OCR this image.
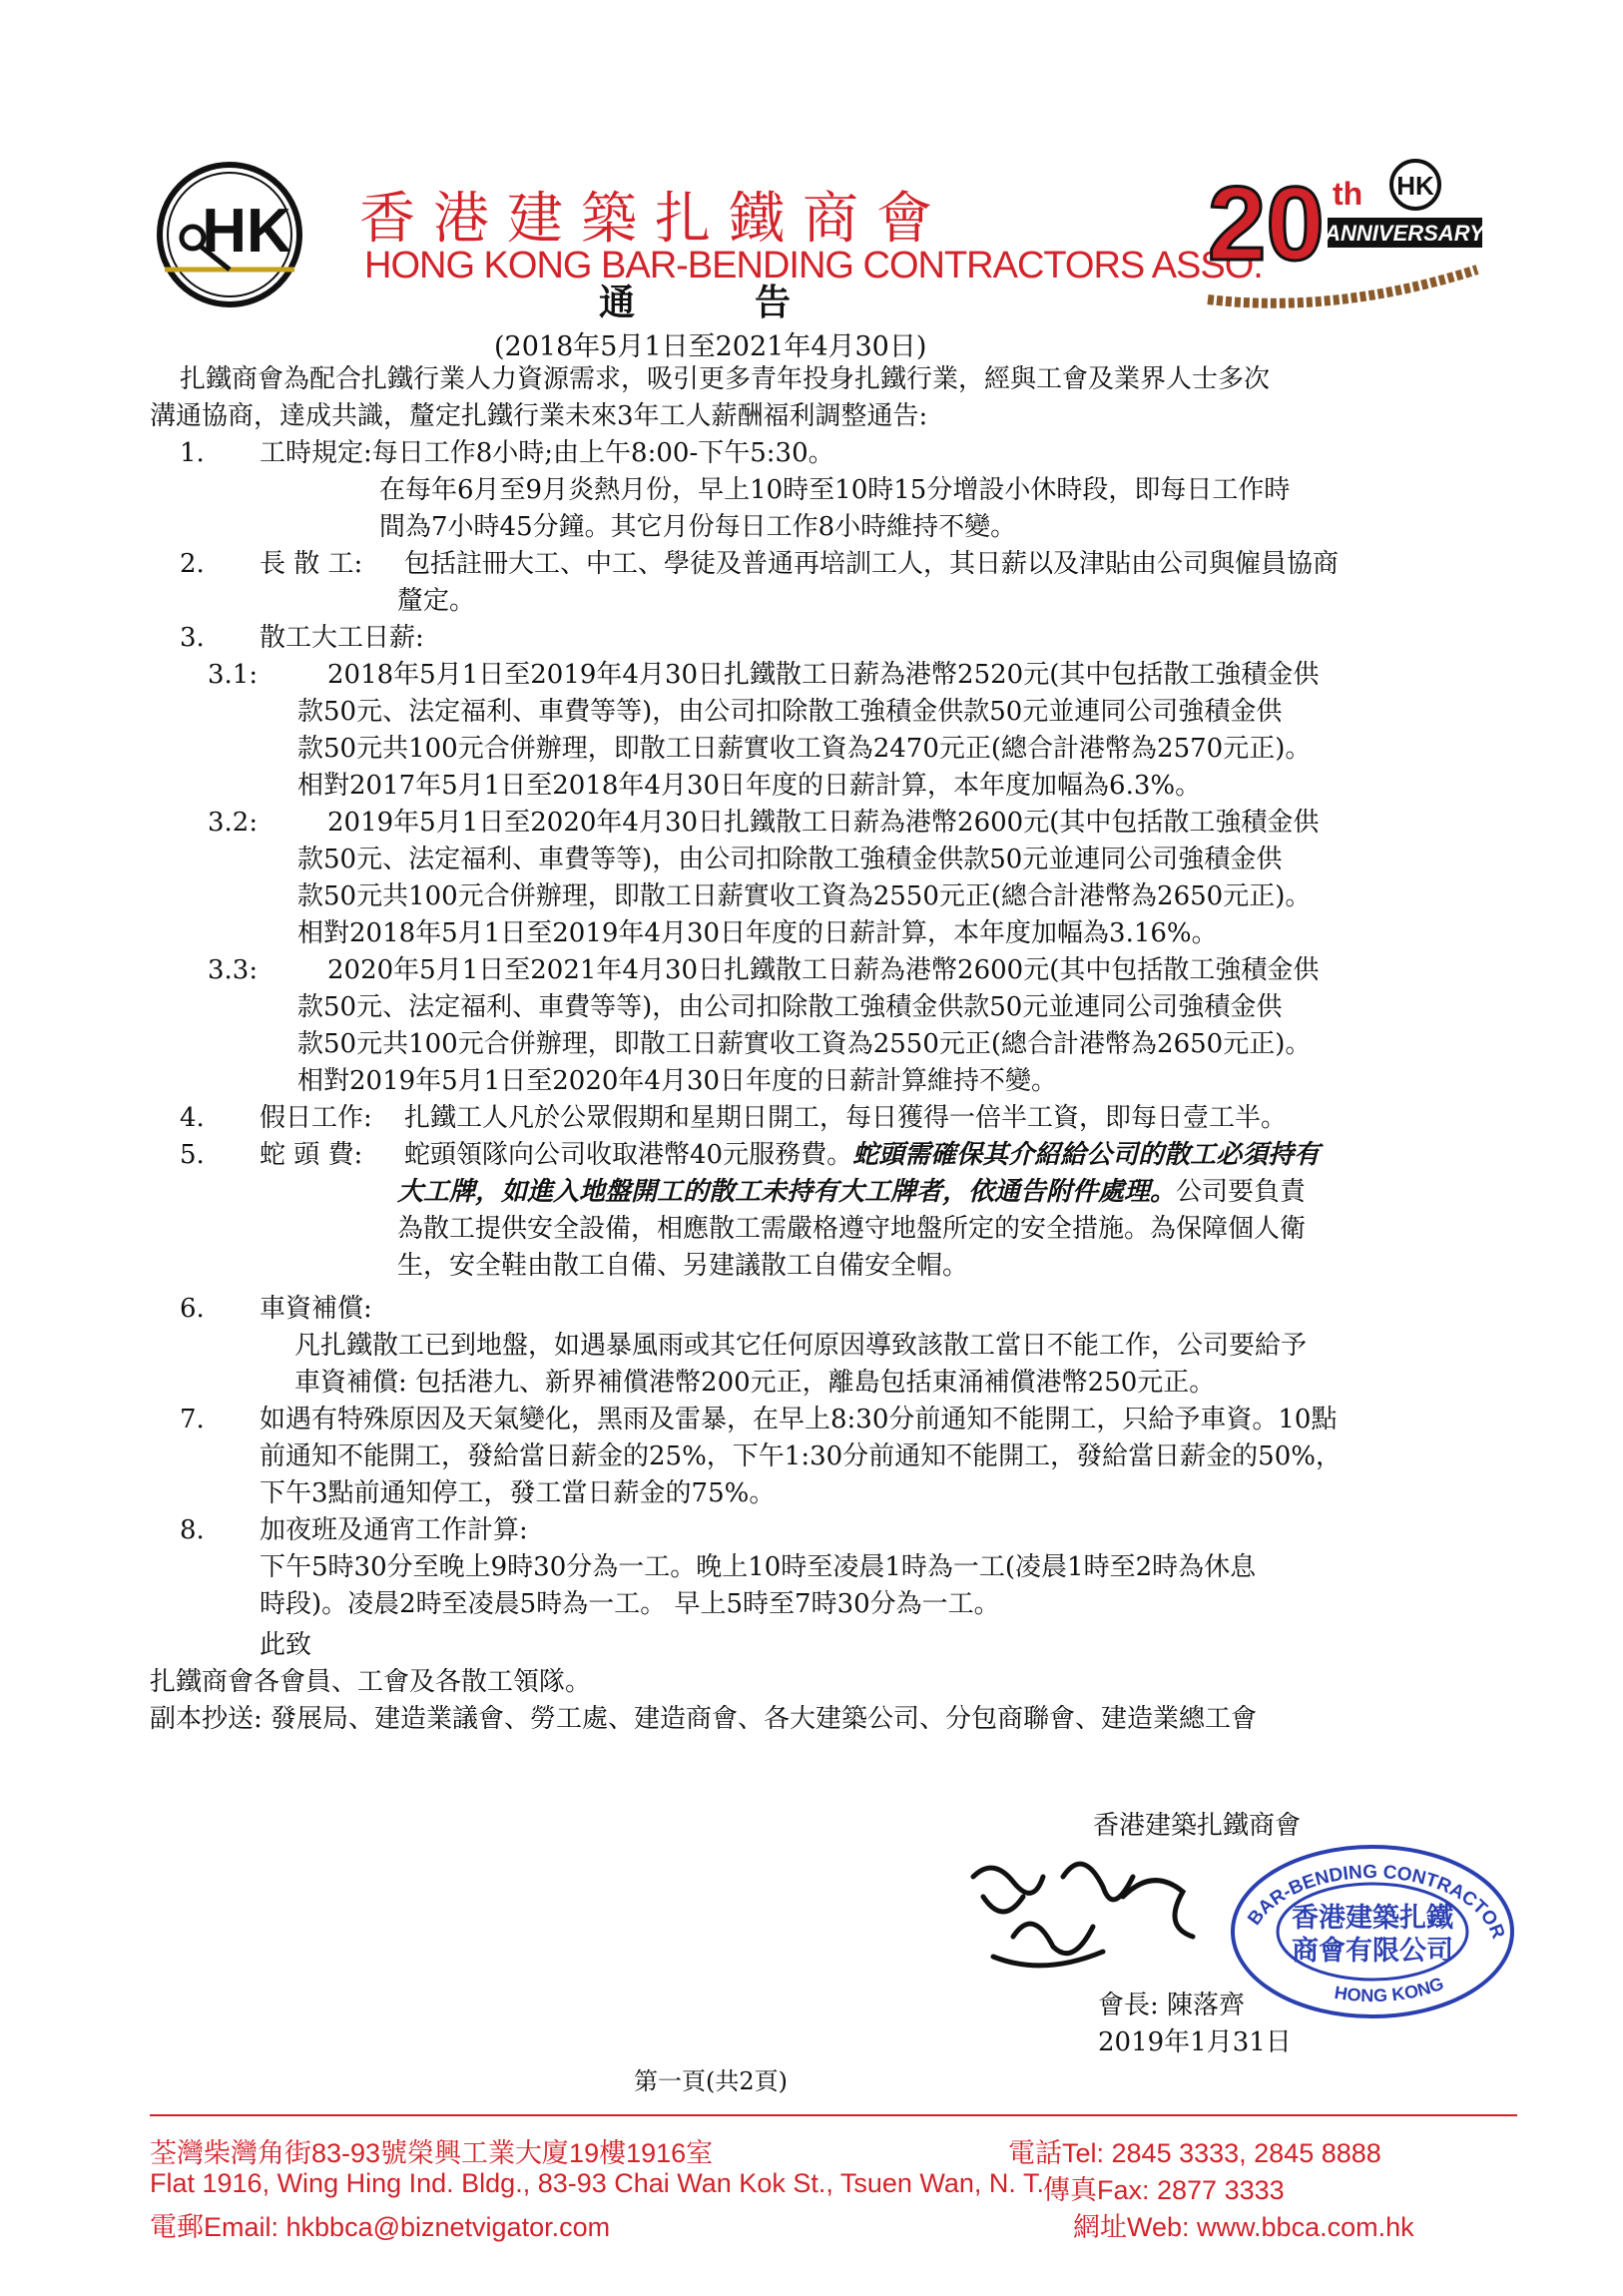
HK 香港建築扎鐵商會
HONG KONG BAR-BENDING CONTRACTORS ASSO.
20 th HK
ANNIVERSARY
通告
(2018年5月1日至2021年4月30日)

扎鐵商會為配合扎鐵行業人力資源需求，吸引更多青年投身扎鐵行業，經與工會及業界人士多次

溝通協商，達成共識，釐定扎鐵行業未來3年工人薪酬福利調整通告:

1.	工時規定:每日工作8小時;由上午8:00-下午5:30。

在每年6月至9月炎熱月份，早上10時至10時15分增設小休時段，即每日工作時

間為7小時45分鐘。其它月份每日工作8小時維持不變。

2.	長 散 工:	包括註冊大工、中工、學徒及普通再培訓工人，其日薪以及津貼由公司與僱員協商

釐定。

3.	散工大工日薪:
3.1:	2018年5月1日至2019年4月30日扎鐵散工日薪為港幣2520元(其中包括散工強積金供

款50元、法定福利、車費等等)，由公司扣除散工強積金供款50元並連同公司強積金供

款50元共100元合併辦理，即散工日薪實收工資為2470元正(總合計港幣為2570元正)。

相對2017年5月1日至2018年4月30日年度的日薪計算，本年度加幅為6.3%。

3.2:	2019年5月1日至2020年4月30日扎鐵散工日薪為港幣2600元(其中包括散工強積金供

款50元、法定福利、車費等等)，由公司扣除散工強積金供款50元並連同公司強積金供

款50元共100元合併辦理，即散工日薪實收工資為2550元正(總合計港幣為2650元正)。

相對2018年5月1日至2019年4月30日年度的日薪計算，本年度加幅為3.16%。

3.3:	2020年5月1日至2021年4月30日扎鐵散工日薪為港幣2600元(其中包括散工強積金供

款50元、法定福利、車費等等)，由公司扣除散工強積金供款50元並連同公司強積金供

款50元共100元合併辦理，即散工日薪實收工資為2550元正(總合計港幣為2650元正)。

相對2019年5月1日至2020年4月30日年度的日薪計算維持不變。

4.	假日工作:	扎鐵工人凡於公眾假期和星期日開工，每日獲得一倍半工資，即每日壹工半。
5.	蛇 頭 費:	蛇頭領隊向公司收取港幣40元服務費。 蛇頭需確保其介紹給公司的散工必須持有

大工牌，如進入地盤開工的散工未持有大工牌者，依通告附件處理。公司要負責

為散工提供安全設備，相應散工需嚴格遵守地盤所定的安全措施。為保障個人衛

生，安全鞋由散工自備、另建議散工自備安全帽。

6.	車資補償:

凡扎鐵散工已到地盤，如遇暴風雨或其它任何原因導致該散工當日不能工作，公司要給予

車資補償: 包括港九、新界補償港幣200元正，離島包括東涌補償港幣250元正。

7.	如遇有特殊原因及天氣變化，黑雨及雷暴，在早上8:30分前通知不能開工，只給予車資。10點

前通知不能開工，發給當日薪金的25%，下午1:30分前通知不能開工，發給當日薪金的50%，

下午3點前通知停工，發工當日薪金的75%。

8.	加夜班及通宵工作計算:

下午5時30分至晚上9時30分為一工。晚上10時至凌晨1時為一工(凌晨1時至2時為休息

時段)。凌晨2時至凌晨5時為一工。 早上5時至7時30分為一工。

此致

扎鐵商會各會員、工會及各散工領隊。

副本抄送: 發展局、建造業議會、勞工處、建造商會、各大建築公司、分包商聯會、建造業總工會

香港建築扎鐵商會
BAR-BENDING CONTRACTOR
HONG KONG
香港建築扎鐵
商會有限公司
會長: 陳落齊
2019年1月31日
第一頁(共2頁)
荃灣柴灣角街83-93號榮興工業大廈19樓1916室
Flat 1916, Wing Hing Ind. Bldg., 83-93 Chai Wan Kok St., Tsuen Wan, N. T.
電郵Email: hkbbca@biznetvigator.com
電話Tel: 2845 3333, 2845 8888
傳真Fax: 2877 3333
網址Web: www.bbca.com.hk
